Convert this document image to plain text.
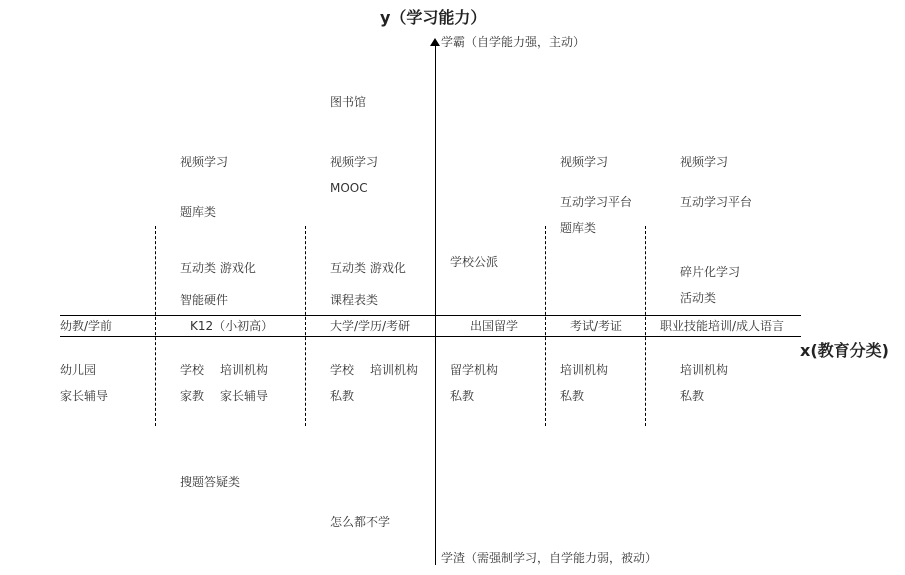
y（学习能力）
学霸（自学能力强，主动）
学渣（需强制学习，自学能力弱，被动）
x(教育分类)
幼教/学前	K12（小初高）	大学/学历/考研	出国留学	考试/考证	职业技能培训/成人语言
视频学习
题库类
互动类 游戏化
智能硬件
图书馆
视频学习
MOOC
互动类 游戏化
课程表类
学校公派
视频学习
互动学习平台
题库类
视频学习
互动学习平台
碎片化学习
活动类
幼儿园
家长辅导
学校 培训机构
家教 家长辅导
学校 培训机构
私教
留学机构
私教
培训机构
私教
培训机构
私教
搜题答疑类
怎么都不学
